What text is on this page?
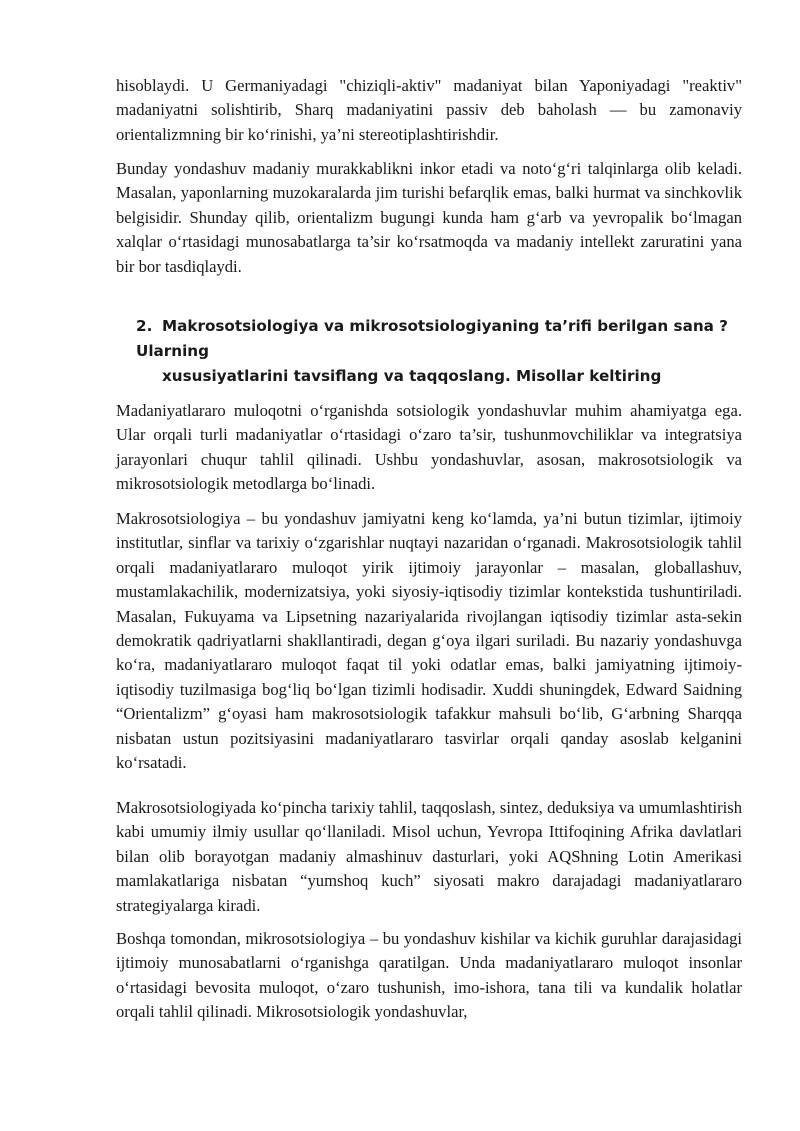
hisoblaydi. U Germaniyadagi "chiziqli-aktiv" madaniyat bilan Yaponiyadagi "reaktiv" madaniyatni solishtirib, Sharq madaniyatini passiv deb baholash — bu zamonaviy orientalizmning bir ko‘rinishi, ya’ni stereotiplashtirishdir.

Bunday yondashuv madaniy murakkablikni inkor etadi va noto‘g‘ri talqinlarga olib keladi. Masalan, yaponlarning muzokaralarda jim turishi befarqlik emas, balki hurmat va sinchkovlik belgisidir. Shunday qilib, orientalizm bugungi kunda ham g‘arb va yevropalik bo‘lmagan xalqlar o‘rtasidagi munosabatlarga ta’sir ko‘rsatmoqda va madaniy intellekt zaruratini yana bir bor tasdiqlaydi.

2. Makrosotsiologiya va mikrosotsiologiyaning ta’rifi berilgan sana ? Ularning
xususiyatlarini tavsiflang va taqqoslang. Misollar keltiring

Madaniyatlararo muloqotni o‘rganishda sotsiologik yondashuvlar muhim ahamiyatga ega. Ular orqali turli madaniyatlar o‘rtasidagi o‘zaro ta’sir, tushunmovchiliklar va integratsiya jarayonlari chuqur tahlil qilinadi. Ushbu yondashuvlar, asosan, makrosotsiologik va mikrosotsiologik metodlarga bo‘linadi.

Makrosotsiologiya – bu yondashuv jamiyatni keng ko‘lamda, ya’ni butun tizimlar, ijtimoiy institutlar, sinflar va tarixiy o‘zgarishlar nuqtayi nazaridan o‘rganadi. Makrosotsiologik tahlil orqali madaniyatlararo muloqot yirik ijtimoiy jarayonlar – masalan, globallashuv, mustamlakachilik, modernizatsiya, yoki siyosiy-iqtisodiy tizimlar kontekstida tushuntiriladi. Masalan, Fukuyama va Lipsetning nazariyalarida rivojlangan iqtisodiy tizimlar asta-sekin demokratik qadriyatlarni shakllantiradi, degan g‘oya ilgari suriladi. Bu nazariy yondashuvga ko‘ra, madaniyatlararo muloqot faqat til yoki odatlar emas, balki jamiyatning ijtimoiy-iqtisodiy tuzilmasiga bog‘liq bo‘lgan tizimli hodisadir. Xuddi shuningdek, Edward Saidning “Orientalizm” g‘oyasi ham makrosotsiologik tafakkur mahsuli bo‘lib, G‘arbning Sharqqa nisbatan ustun pozitsiyasini madaniyatlararo tasvirlar orqali qanday asoslab kelganini ko‘rsatadi.

Makrosotsiologiyada ko‘pincha tarixiy tahlil, taqqoslash, sintez, deduksiya va umumlashtirish kabi umumiy ilmiy usullar qo‘llaniladi. Misol uchun, Yevropa Ittifoqining Afrika davlatlari bilan olib borayotgan madaniy almashinuv dasturlari, yoki AQShning Lotin Amerikasi mamlakatlariga nisbatan “yumshoq kuch” siyosati makro darajadagi madaniyatlararo strategiyalarga kiradi.

Boshqa tomondan, mikrosotsiologiya – bu yondashuv kishilar va kichik guruhlar darajasidagi ijtimoiy munosabatlarni o‘rganishga qaratilgan. Unda madaniyatlararo muloqot insonlar o‘rtasidagi bevosita muloqot, o‘zaro tushunish, imo-ishora, tana tili va kundalik holatlar orqali tahlil qilinadi. Mikrosotsiologik yondashuvlar,
